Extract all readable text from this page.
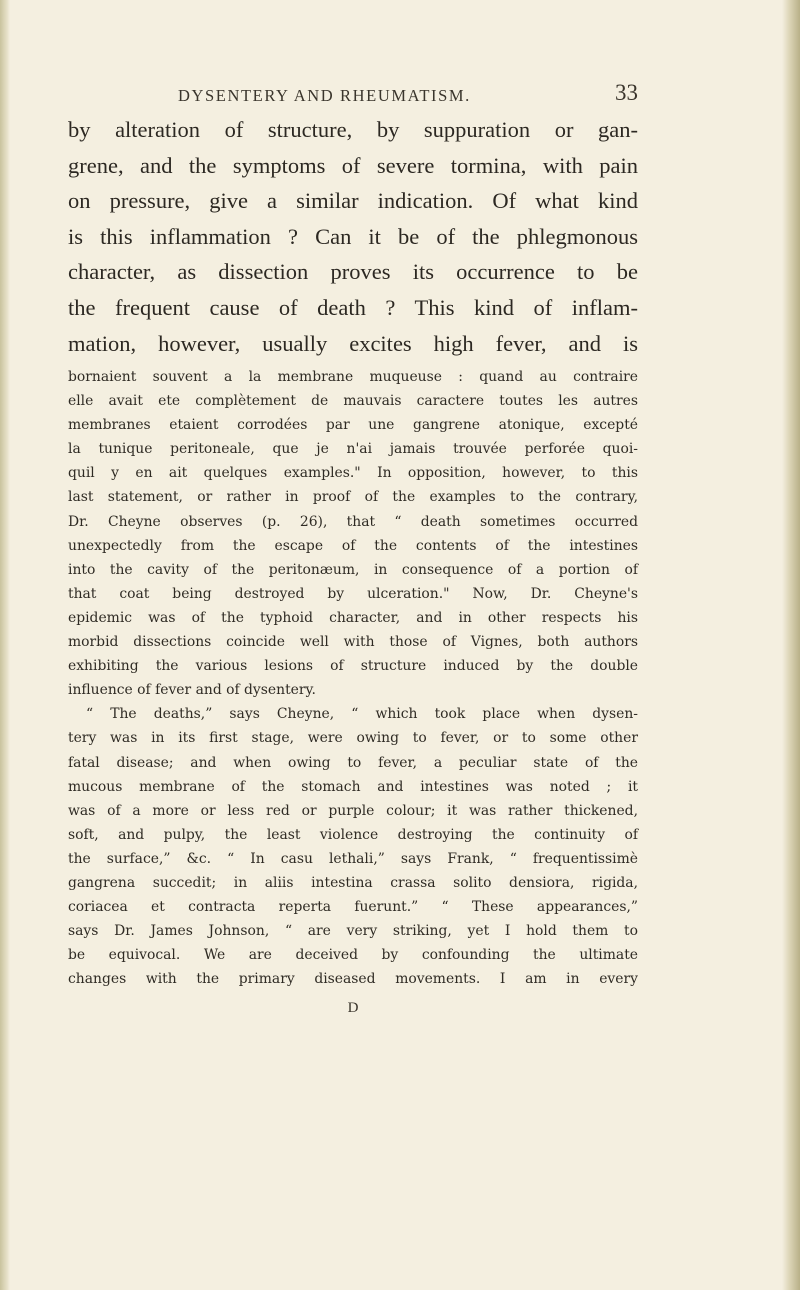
DYSENTERY AND RHEUMATISM.	33
by alteration of structure, by suppuration or gan-
grene, and the symptoms of severe tormina, with pain
on pressure, give a similar indication. Of what kind
is this inflammation ? Can it be of the phlegmonous
character, as dissection proves its occurrence to be
the frequent cause of death ? This kind of inflam-
mation, however, usually excites high fever, and is
bornaient souvent a la membrane muqueuse : quand au contraire
elle avait ete complètement de mauvais caractere toutes les autres
membranes etaient corrodées par une gangrene atonique, excepté
la tunique peritoneale, que je n'ai jamais trouvée perforée quoi-
quil y en ait quelques examples." In opposition, however, to this
last statement, or rather in proof of the examples to the contrary,
Dr. Cheyne observes (p. 26), that “ death sometimes occurred
unexpectedly from the escape of the contents of the intestines
into the cavity of the peritonæum, in consequence of a portion of
that coat being destroyed by ulceration." Now, Dr. Cheyne's
epidemic was of the typhoid character, and in other respects his
morbid dissections coincide well with those of Vignes, both authors
exhibiting the various lesions of structure induced by the double
influence of fever and of dysentery.
“ The deaths,” says Cheyne, “ which took place when dysen-
tery was in its first stage, were owing to fever, or to some other
fatal disease; and when owing to fever, a peculiar state of the
mucous membrane of the stomach and intestines was noted ; it
was of a more or less red or purple colour; it was rather thickened,
soft, and pulpy, the least violence destroying the continuity of
the surface,” &c. “ In casu lethali,” says Frank, “ frequentissimè
gangrena succedit; in aliis intestina crassa solito densiora, rigida,
coriacea et contracta reperta fuerunt.” “ These appearances,”
says Dr. James Johnson, “ are very striking, yet I hold them to
be equivocal. We are deceived by confounding the ultimate
changes with the primary diseased movements. I am in every
D
